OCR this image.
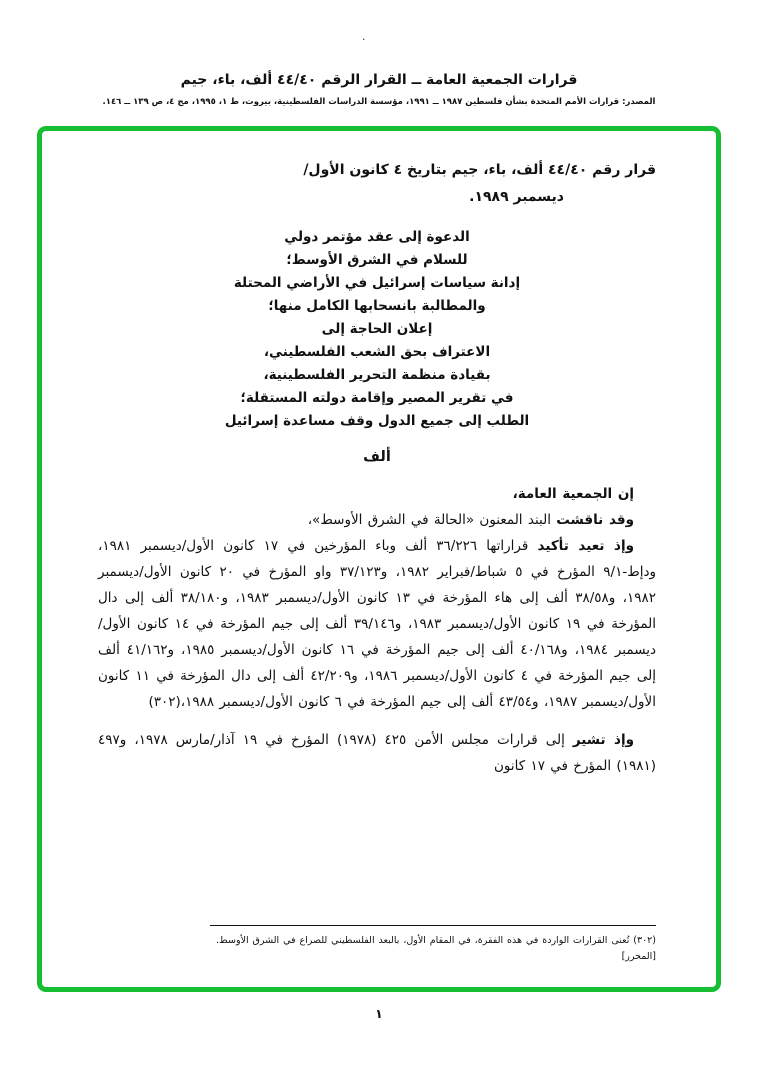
.
قرارات الجمعية العامة ــ القرار الرقم ٤٤/٤٠ ألف، باء، جيم
المصدر: قرارات الأمم المتحدة بشأن فلسطين ١٩٨٧ ــ ١٩٩١، مؤسسة الدراسات الفلسطينية، بيروت، ط ١، ١٩٩٥، مج ٤، ص ١٣٩ ــ ١٤٦.
قرار رقم ٤٤/٤٠ ألف، باء، جيم بتاريخ ٤ كانون الأول/
ديسمبر ١٩٨٩.
الدعوة إلى عقد مؤتمر دولي
للسلام في الشرق الأوسط؛
إدانة سياسات إسرائيل في الأراضي المحتلة
والمطالبة بانسحابها الكامل منها؛
إعلان الحاجة إلى
الاعتراف بحق الشعب الفلسطيني،
بقيادة منظمة التحرير الفلسطينية،
في تقرير المصير وإقامة دولته المستقلة؛
الطلب إلى جميع الدول وقف مساعدة إسرائيل
ألف

إن الجمعية العامة،

وقد ناقشت البند المعنون «الحالة في الشرق الأوسط»،

وإذ تعيد تأكيد قراراتها ٣٦/٢٢٦ ألف وباء المؤرخين في ١٧ كانون الأول/ديسمبر ١٩٨١، ودإط-٩/١ المؤرخ في ٥ شباط/فبراير ١٩٨٢، و٣٧/١٢٣ واو المؤرخ في ٢٠ كانون الأول/ديسمبر ١٩٨٢، و٣٨/٥٨ ألف إلى هاء المؤرخة في ١٣ كانون الأول/ديسمبر ١٩٨٣، و٣٨/١٨٠ ألف إلى دال المؤرخة في ١٩ كانون الأول/ديسمبر ١٩٨٣، و٣٩/١٤٦ ألف إلى جيم المؤرخة في ١٤ كانون الأول/ديسمبر ١٩٨٤، و٤٠/١٦٨ ألف إلى جيم المؤرخة في ١٦ كانون الأول/ديسمبر ١٩٨٥، و٤١/١٦٢ ألف إلى جيم المؤرخة في ٤ كانون الأول/ديسمبر ١٩٨٦، و٤٢/٢٠٩ ألف إلى دال المؤرخة في ١١ كانون الأول/ديسمبر ١٩٨٧، و٤٣/٥٤ ألف إلى جيم المؤرخة في ٦ كانون الأول/ديسمبر ١٩٨٨،(٣٠٢)

وإذ تشير إلى قرارات مجلس الأمن ٤٢٥ (١٩٧٨) المؤرخ في ١٩ آذار/مارس ١٩٧٨، و٤٩٧ (١٩٨١) المؤرخ في ١٧ كانون

(٣٠٢) تُعنى القرارات الواردة في هذه الفقرة، في المقام الأول، بالبعد الفلسطيني للصراع في الشرق الأوسط. [المحرر]
١
